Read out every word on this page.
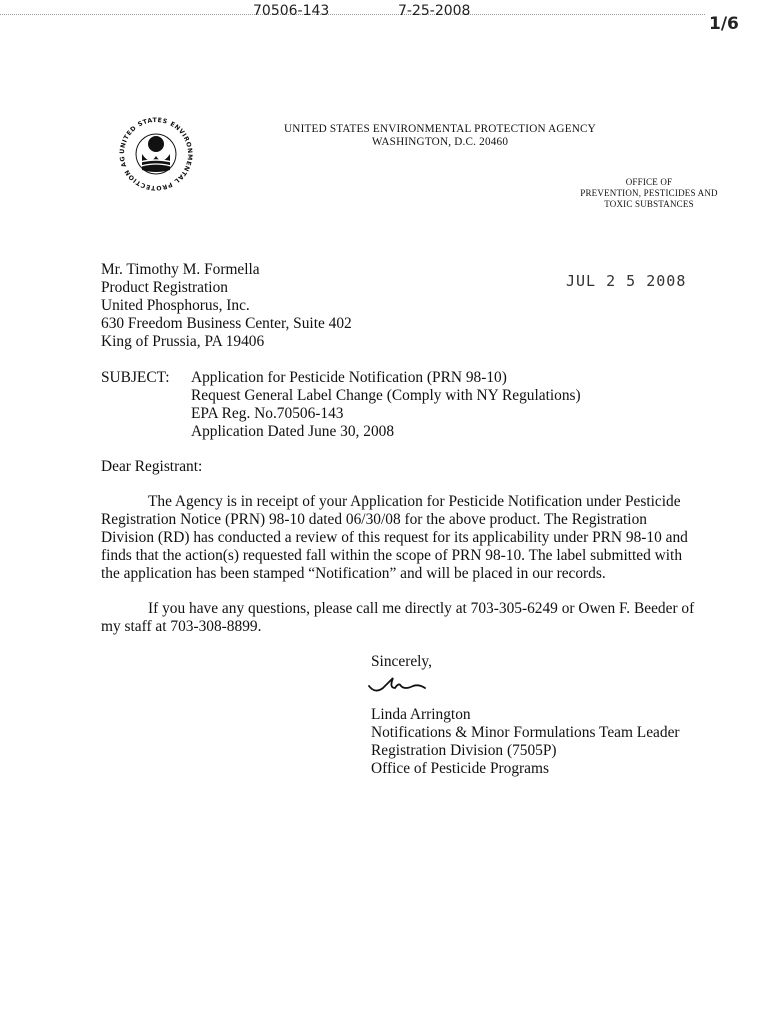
70506-143	7-25-2008
1/6
UNITED STATES ENVIRONMENTAL PROTECTION AG
UNITED STATES ENVIRONMENTAL PROTECTION AGENCY
WASHINGTON, D.C. 20460
OFFICE OF
PREVENTION, PESTICIDES AND
TOXIC SUBSTANCES
JUL 2 5 2008
Mr. Timothy M. Formella
Product Registration
United Phosphorus, Inc.
630 Freedom Business Center, Suite 402
King of Prussia, PA 19406
SUBJECT: Application for Pesticide Notification (PRN 98-10)
Request General Label Change (Comply with NY Regulations)
EPA Reg. No.70506-143
Application Dated June 30, 2008
Dear Registrant:
The Agency is in receipt of your Application for Pesticide Notification under Pesticide
Registration Notice (PRN) 98-10 dated 06/30/08 for the above product. The Registration
Division (RD) has conducted a review of this request for its applicability under PRN 98-10 and
finds that the action(s) requested fall within the scope of PRN 98-10. The label submitted with
the application has been stamped “Notification” and will be placed in our records.
If you have any questions, please call me directly at 703-305-6249 or Owen F. Beeder of
my staff at 703-308-8899.
Sincerely,
Linda Arrington
Notifications & Minor Formulations Team Leader
Registration Division (7505P)
Office of Pesticide Programs
